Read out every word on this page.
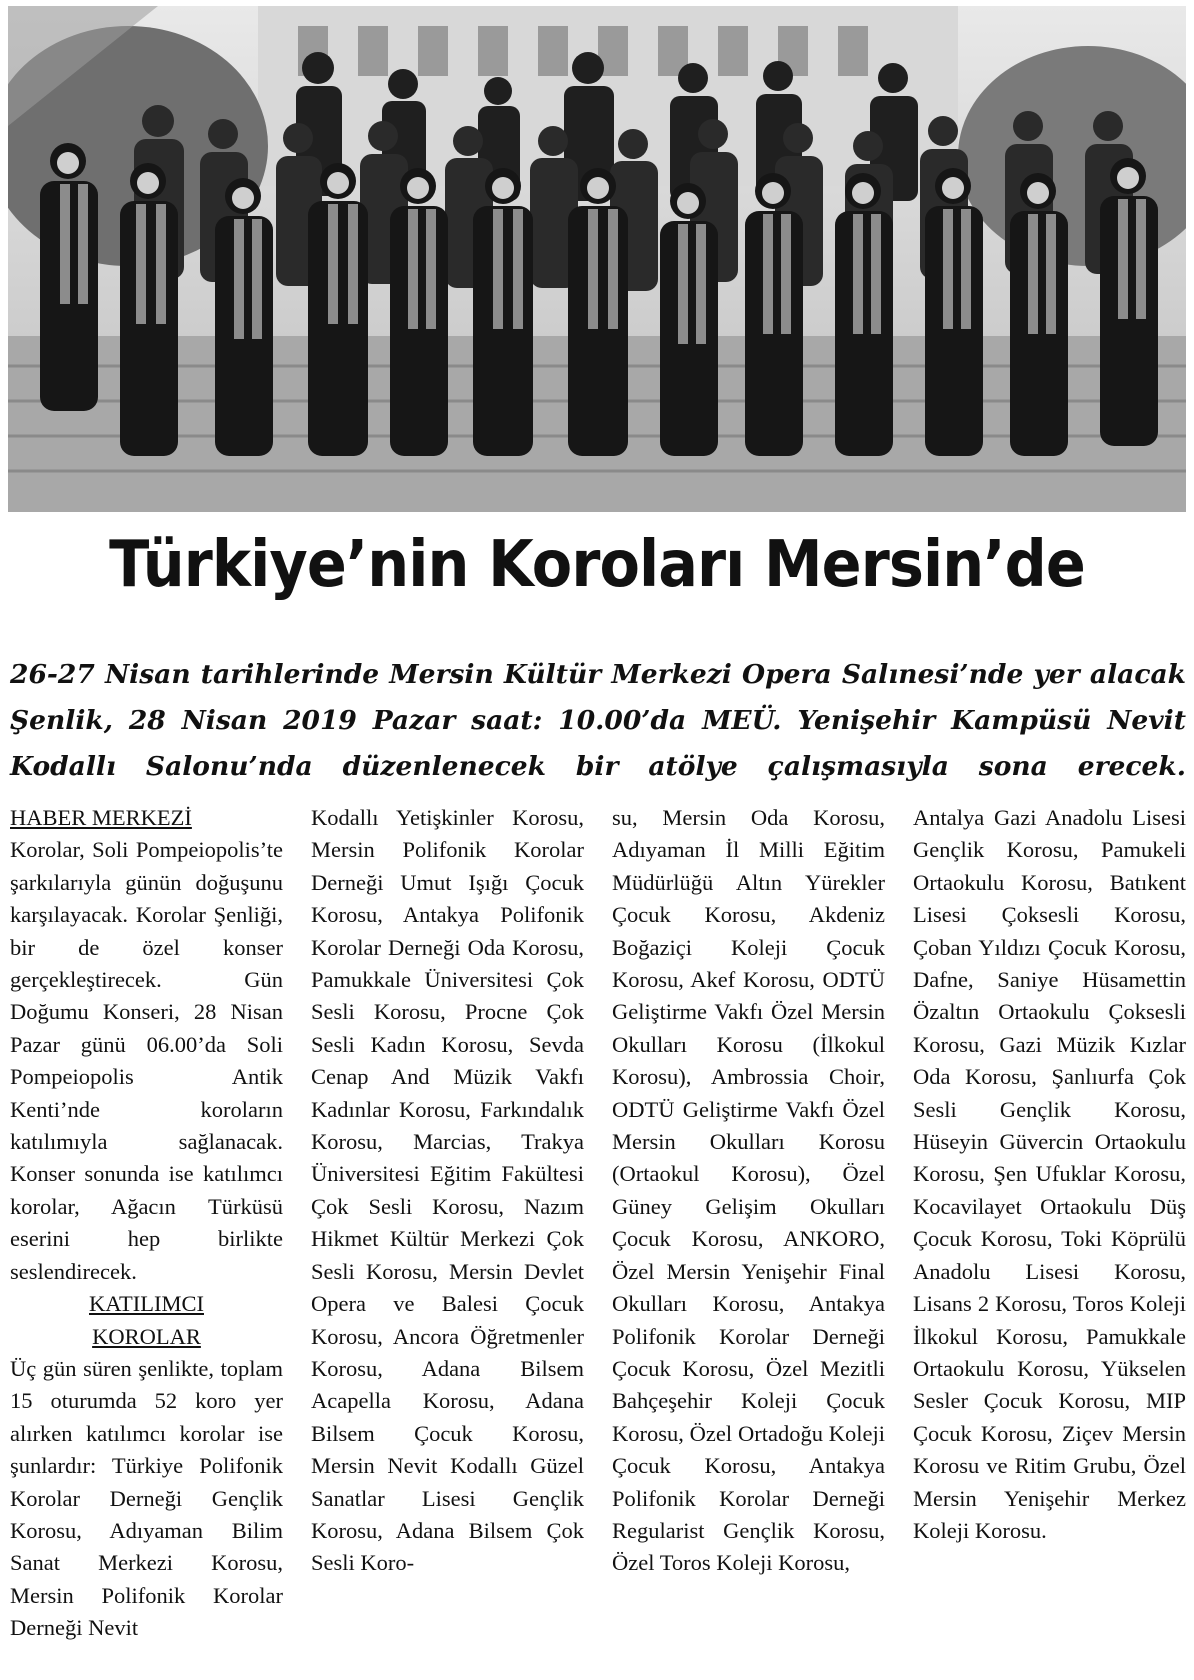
Türkiye’nin Koroları Mersin’de

26-27 Nisan tarihlerinde Mersin Kültür Merkezi Opera Salınesi’nde yer alacak Şenlik, 28 Nisan 2019 Pazar saat: 10.00’da MEÜ. Yenişehir Kampüsü Nevit Kodallı Salonu’nda düzenlenecek bir atölye çalışmasıyla sona erecek.

HABER MERKEZİ

Korolar, Soli Pompeiopolis’te şarkılarıyla günün doğuşunu karşılayacak. Korolar Şenliği, bir de özel konser gerçekleştirecek. Gün Doğumu Konseri, 28 Nisan Pazar günü 06.00’da Soli Pompeiopolis Antik Kenti’nde koroların katılımıyla sağlanacak. Konser sonunda ise katılımcı korolar, Ağacın Türküsü eserini hep birlikte seslendirecek.

KATILIMCI

KOROLAR

Üç gün süren şenlikte, toplam 15 oturumda 52 koro yer alırken katılımcı korolar ise şunlardır: Türkiye Polifonik Korolar Derneği Gençlik Korosu, Adıyaman Bilim Sanat Merkezi Korosu, Mersin Polifonik Korolar Derneği Nevit

Kodallı Yetişkinler Korosu, Mersin Polifonik Korolar Derneği Umut Işığı Çocuk Korosu, Antakya Polifonik Korolar Derneği Oda Korosu, Pamukkale Üniversitesi Çok Sesli Korosu, Procne Çok Sesli Kadın Korosu, Sevda Cenap And Müzik Vakfı Kadınlar Korosu, Farkındalık Korosu, Marcias, Trakya Üniversitesi Eğitim Fakültesi Çok Sesli Korosu, Nazım Hikmet Kültür Merkezi Çok Sesli Korosu, Mersin Devlet Opera ve Balesi Çocuk Korosu, Ancora Öğretmenler Korosu, Adana Bilsem Acapella Korosu, Adana Bilsem Çocuk Korosu, Mersin Nevit Kodallı Güzel Sanatlar Lisesi Gençlik Korosu, Adana Bilsem Çok Sesli Koro-

su, Mersin Oda Korosu, Adıyaman İl Milli Eğitim Müdürlüğü Altın Yürekler Çocuk Korosu, Akdeniz Boğaziçi Koleji Çocuk Korosu, Akef Korosu, ODTÜ Geliştirme Vakfı Özel Mersin Okulları Korosu (İlkokul Korosu), Ambrossia Choir, ODTÜ Geliştirme Vakfı Özel Mersin Okulları Korosu (Ortaokul Korosu), Özel Güney Gelişim Okulları Çocuk Korosu, ANKORO, Özel Mersin Yenişehir Final Okulları Korosu, Antakya Polifonik Korolar Derneği Çocuk Korosu, Özel Mezitli Bahçeşehir Koleji Çocuk Korosu, Özel Ortadoğu Koleji Çocuk Korosu, Antakya Polifonik Korolar Derneği Regularist Gençlik Korosu, Özel Toros Koleji Korosu,

Antalya Gazi Anadolu Lisesi Gençlik Korosu, Pamukeli Ortaokulu Korosu, Batıkent Lisesi Çoksesli Korosu, Çoban Yıldızı Çocuk Korosu, Dafne, Saniye Hüsamettin Özaltın Ortaokulu Çoksesli Korosu, Gazi Müzik Kızlar Oda Korosu, Şanlıurfa Çok Sesli Gençlik Korosu, Hüseyin Güvercin Ortaokulu Korosu, Şen Ufuklar Korosu, Kocavilayet Ortaokulu Düş Çocuk Korosu, Toki Köprülü Anadolu Lisesi Korosu, Lisans 2 Korosu, Toros Koleji İlkokul Korosu, Pamukkale Ortaokulu Korosu, Yükselen Sesler Çocuk Korosu, MIP Çocuk Korosu, Ziçev Mersin Korosu ve Ritim Grubu, Özel Mersin Yenişehir Merkez Koleji Korosu.
